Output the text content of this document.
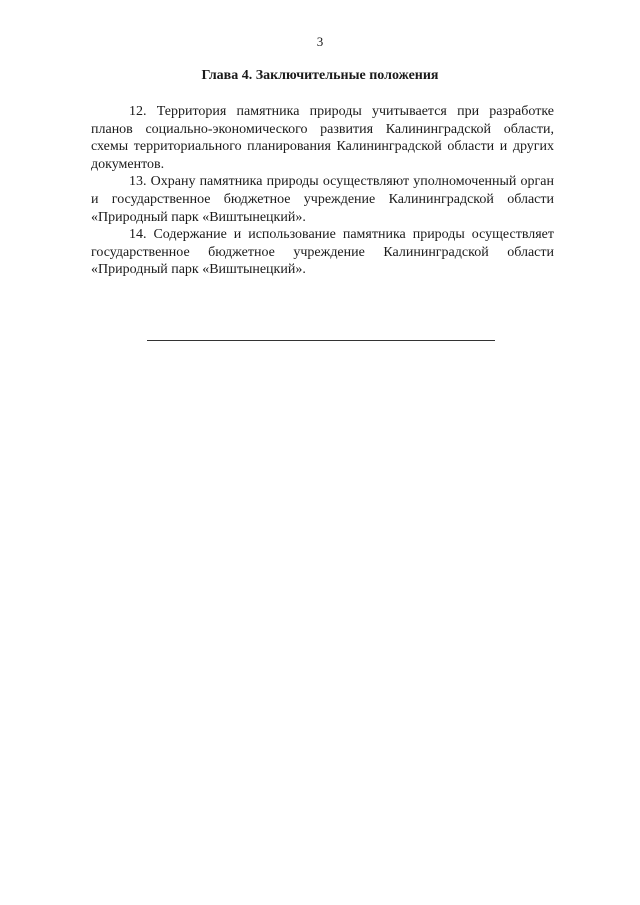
3
Глава 4. Заключительные положения

12. Территория памятника природы учитывается при разработке планов социально-экономического развития Калининградской области, схемы территориального планирования Калининградской области и других документов.

13. Охрану памятника природы осуществляют уполномоченный орган и государственное бюджетное учреждение Калининградской области «Природный парк «Виштынецкий».

14. Содержание и использование памятника природы осуществляет государственное бюджетное учреждение Калининградской области «Природный парк «Виштынецкий».
